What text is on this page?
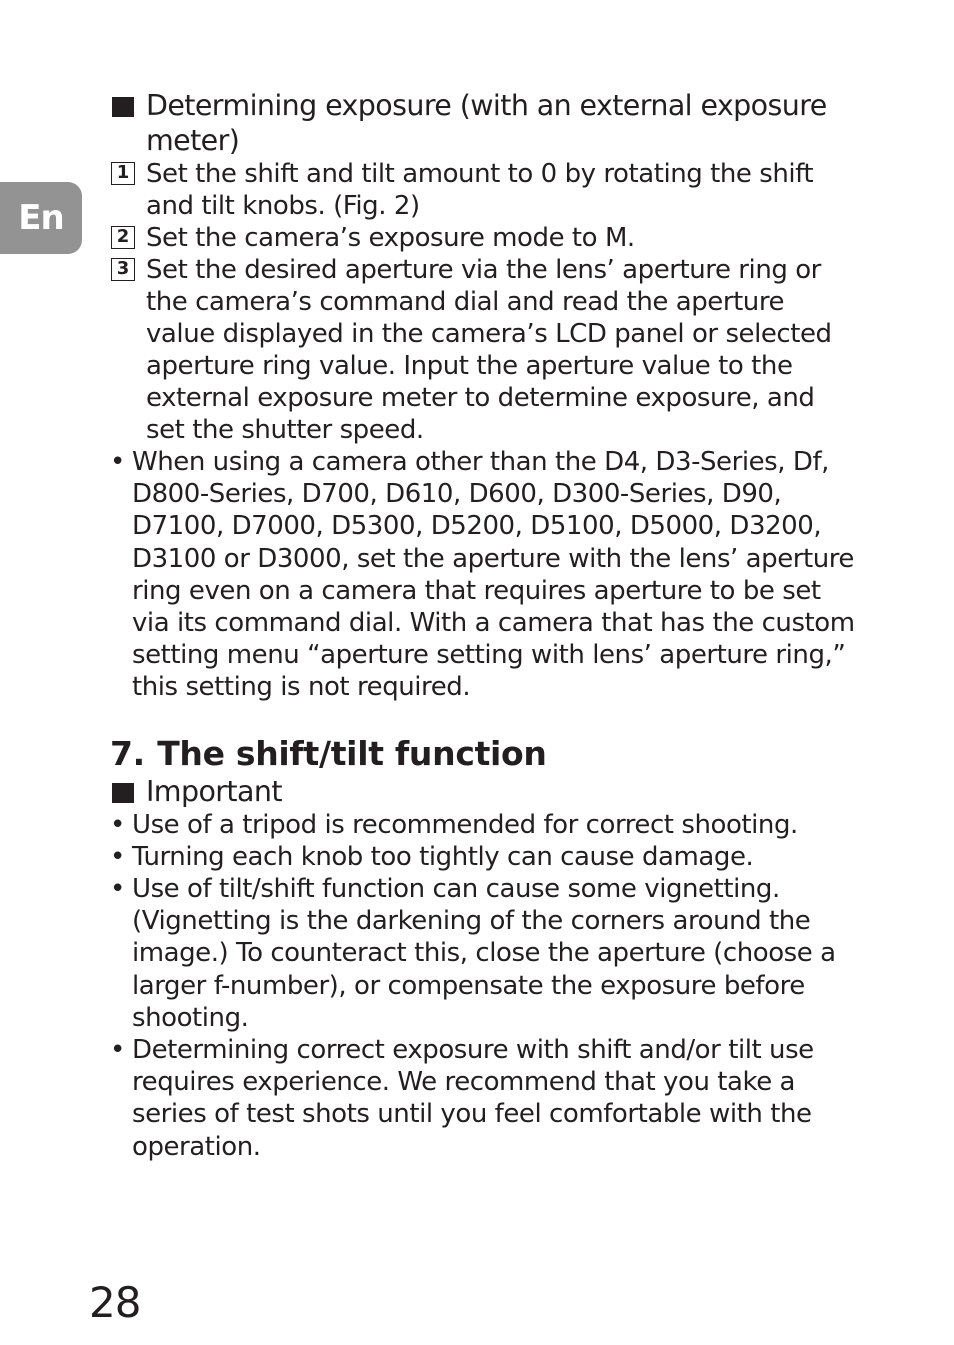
En
Determining exposure (with an external exposure meter)
1 Set the shift and tilt amount to 0 by rotating the shift and tilt knobs. (Fig. 2)
2 Set the camera’s exposure mode to M.
3 Set the desired aperture via the lens’ aperture ring or the camera’s command dial and read the aperture value displayed in the camera’s LCD panel or selected aperture ring value. Input the aperture value to the external exposure meter to determine exposure, and set the shutter speed.
• When using a camera other than the D4, D3-Series, Df, D800-Series, D700, D610, D600, D300-Series, D90, D7100, D7000, D5300, D5200, D5100, D5000, D3200, D3100 or D3000, set the aperture with the lens’ aperture ring even on a camera that requires aperture to be set via its command dial. With a camera that has the custom setting menu “aperture setting with lens’ aperture ring,” this setting is not required.
7. The shift/tilt function
Important
• Use of a tripod is recommended for correct shooting.
• Turning each knob too tightly can cause damage.
• Use of tilt/shift function can cause some vignetting. (Vignetting is the darkening of the corners around the image.) To counteract this, close the aperture (choose a larger f-number), or compensate the exposure before shooting.
• Determining correct exposure with shift and/or tilt use requires experience. We recommend that you take a series of test shots until you feel comfortable with the operation.
28
